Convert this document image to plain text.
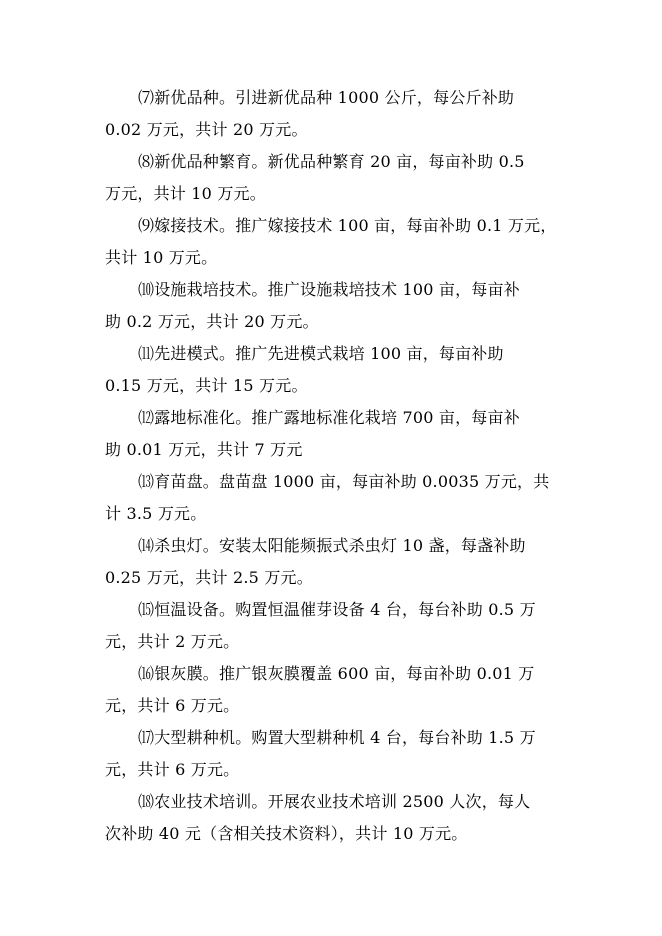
⑺新优品种。引进新优品种 1000 公斤，每公斤补助
0.02 万元，共计 20 万元。

⑻新优品种繁育。新优品种繁育 20 亩，每亩补助 0.5
万元，共计 10 万元。

⑼嫁接技术。推广嫁接技术 100 亩，每亩补助 0.1 万元，
共计 10 万元。

⑽设施栽培技术。推广设施栽培技术 100 亩，每亩补
助 0.2 万元，共计 20 万元。

⑾先进模式。推广先进模式栽培 100 亩，每亩补助
0.15 万元，共计 15 万元。

⑿露地标准化。推广露地标准化栽培 700 亩，每亩补
助 0.01 万元，共计 7 万元

⒀育苗盘。盘苗盘 1000 亩，每亩补助 0.0035 万元，共
计 3.5 万元。

⒁杀虫灯。安装太阳能频振式杀虫灯 10 盏，每盏补助
0.25 万元，共计 2.5 万元。

⒂恒温设备。购置恒温催芽设备 4 台，每台补助 0.5 万
元，共计 2 万元。

⒃银灰膜。推广银灰膜覆盖 600 亩，每亩补助 0.01 万
元，共计 6 万元。

⒄大型耕种机。购置大型耕种机 4 台，每台补助 1.5 万
元，共计 6 万元。

⒅农业技术培训。开展农业技术培训 2500 人次，每人
次补助 40 元（含相关技术资料），共计 10 万元。
